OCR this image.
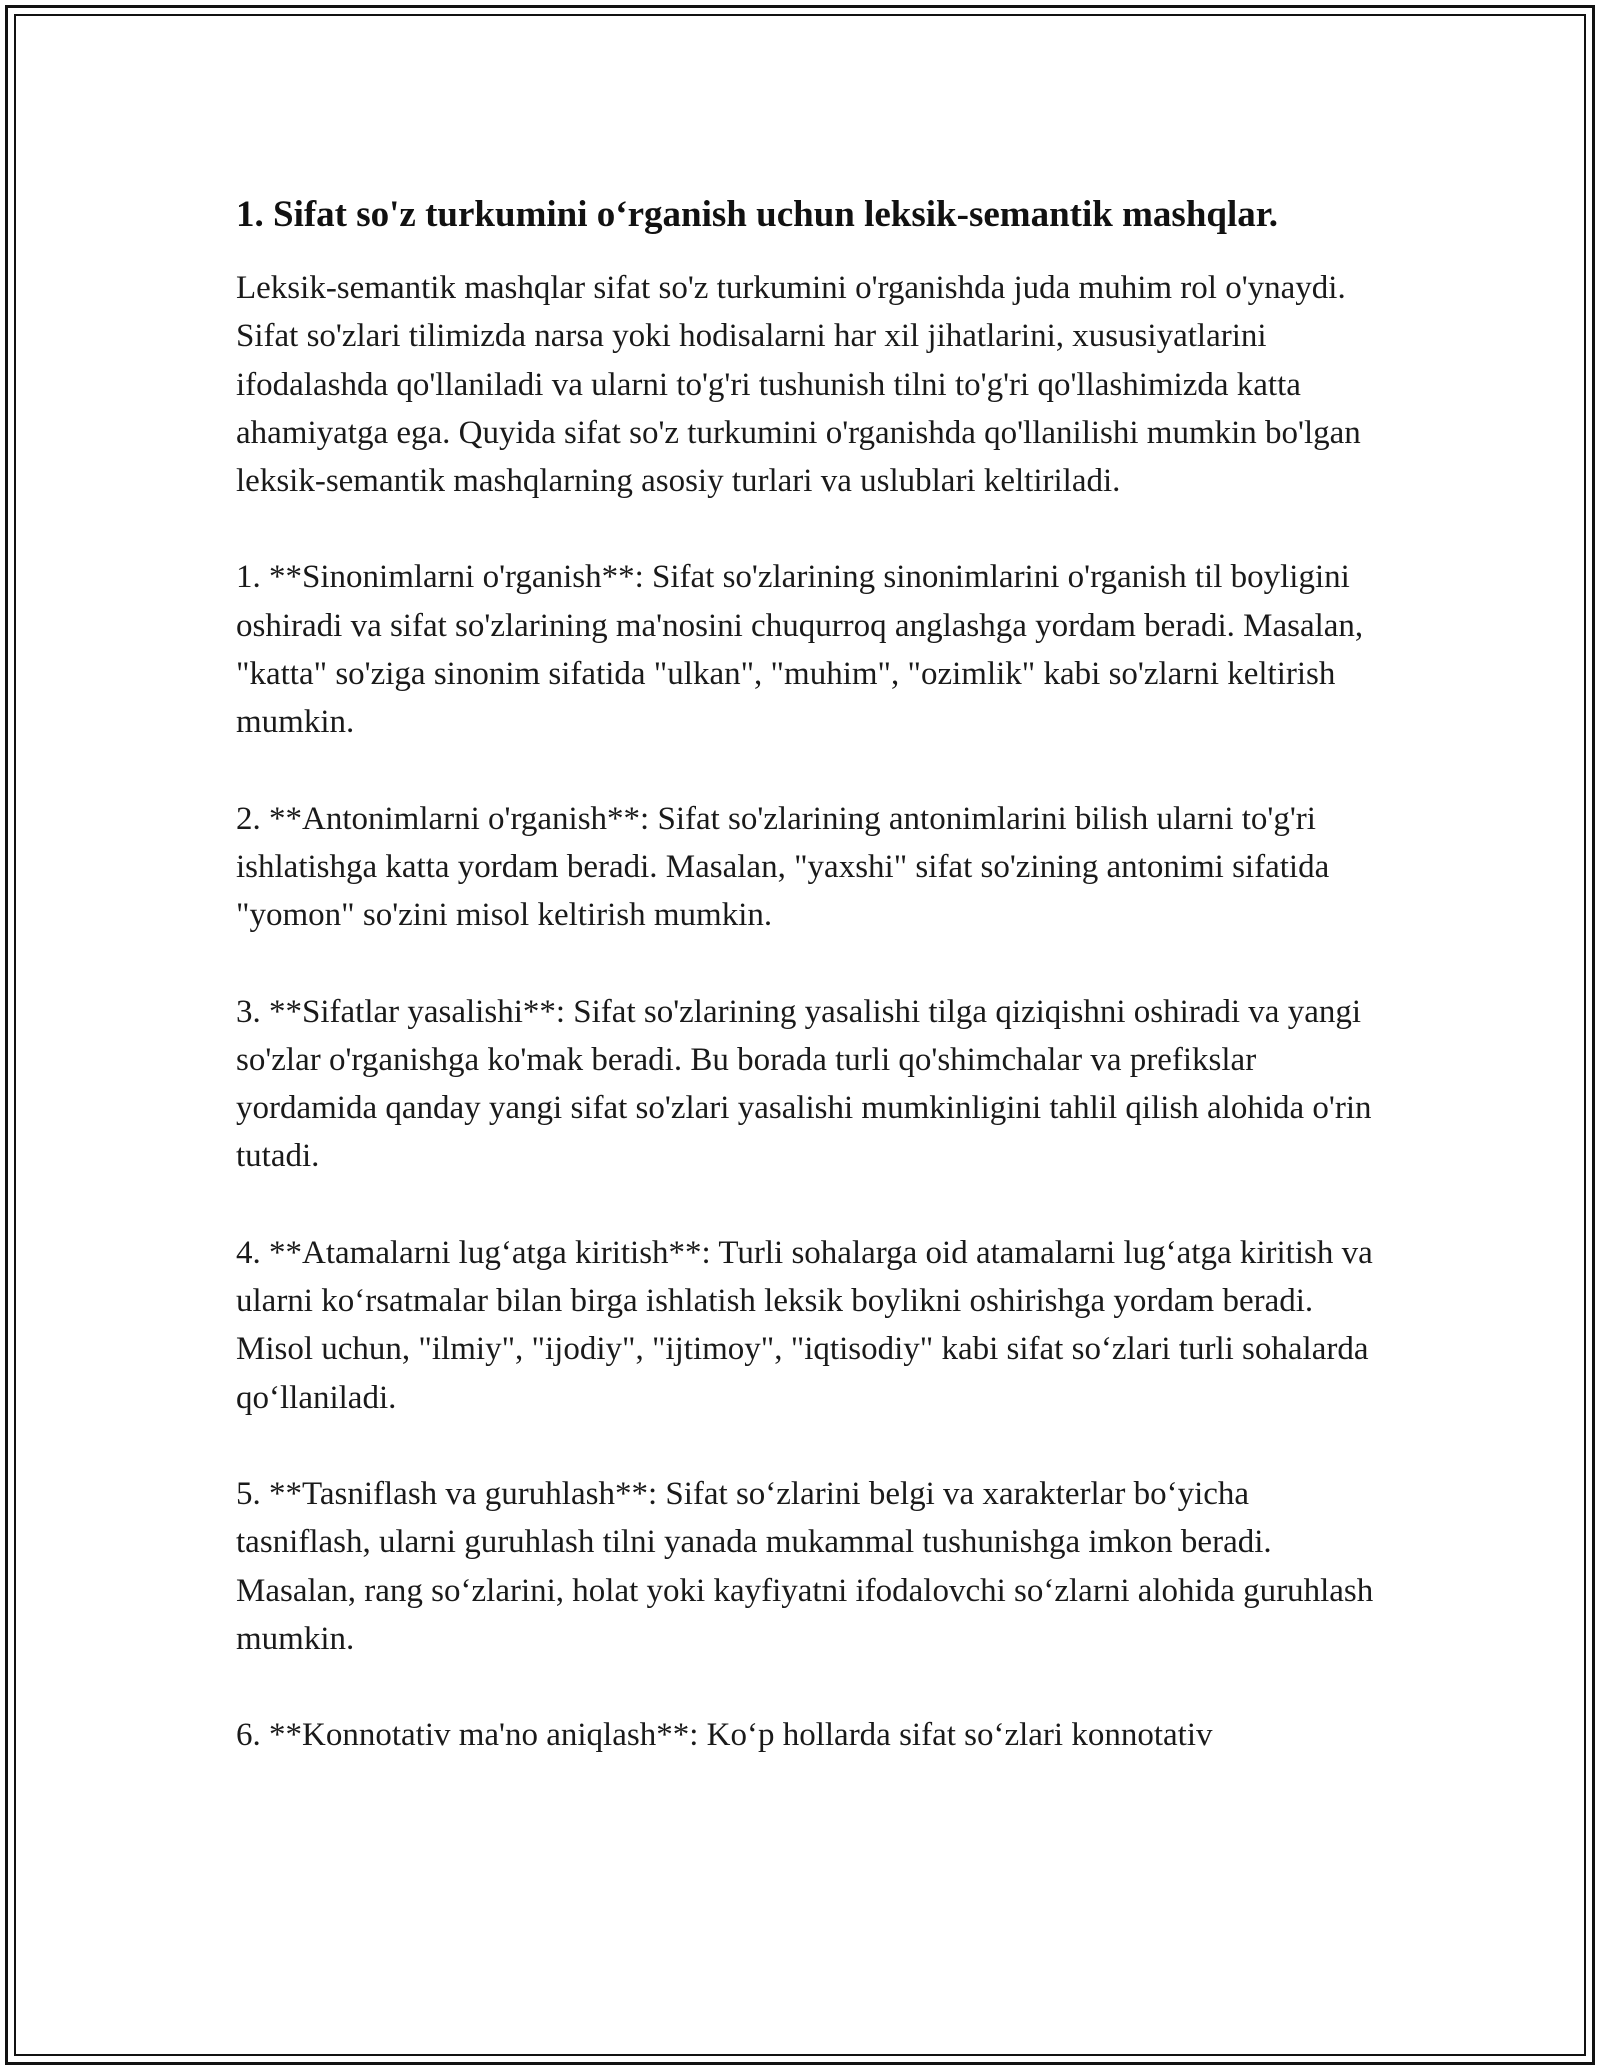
1. Sifat so'z turkumini o‘rganish uchun leksik-semantik mashqlar.

Leksik-semantik mashqlar sifat so'z turkumini o'rganishda juda muhim rol o'ynaydi. Sifat so'zlari tilimizda narsa yoki hodisalarni har xil jihatlarini, xususiyatlarini ifodalashda qo'llaniladi va ularni to'g'ri tushunish tilni to'g'ri qo'llashimizda katta ahamiyatga ega. Quyida sifat so'z turkumini o'rganishda qo'llanilishi mumkin bo'lgan leksik-semantik mashqlarning asosiy turlari va uslublari keltiriladi.

1. **Sinonimlarni o'rganish**: Sifat so'zlarining sinonimlarini o'rganish til boyligini oshiradi va sifat so'zlarining ma'nosini chuqurroq anglashga yordam beradi. Masalan, "katta" so'ziga sinonim sifatida "ulkan", "muhim", "ozimlik" kabi so'zlarni keltirish mumkin.

2. **Antonimlarni o'rganish**: Sifat so'zlarining antonimlarini bilish ularni to'g'ri ishlatishga katta yordam beradi. Masalan, "yaxshi" sifat so'zining antonimi sifatida "yomon" so'zini misol keltirish mumkin.

3. **Sifatlar yasalishi**: Sifat so'zlarining yasalishi tilga qiziqishni oshiradi va yangi so'zlar o'rganishga ko'mak beradi. Bu borada turli qo'shimchalar va prefikslar yordamida qanday yangi sifat so'zlari yasalishi mumkinligini tahlil qilish alohida o'rin tutadi.

4. **Atamalarni lug‘atga kiritish**: Turli sohalarga oid atamalarni lug‘atga kiritish va ularni ko‘rsatmalar bilan birga ishlatish leksik boylikni oshirishga yordam beradi. Misol uchun, "ilmiy", "ijodiy", "ijtimoy", "iqtisodiy" kabi sifat so‘zlari turli sohalarda qo‘llaniladi.

5. **Tasniflash va guruhlash**: Sifat so‘zlarini belgi va xarakterlar bo‘yicha tasniflash, ularni guruhlash tilni yanada mukammal tushunishga imkon beradi. Masalan, rang so‘zlarini, holat yoki kayfiyatni ifodalovchi so‘zlarni alohida guruhlash mumkin.

6. **Konnotativ ma'no aniqlash**: Ko‘p hollarda sifat so‘zlari konnotativ
